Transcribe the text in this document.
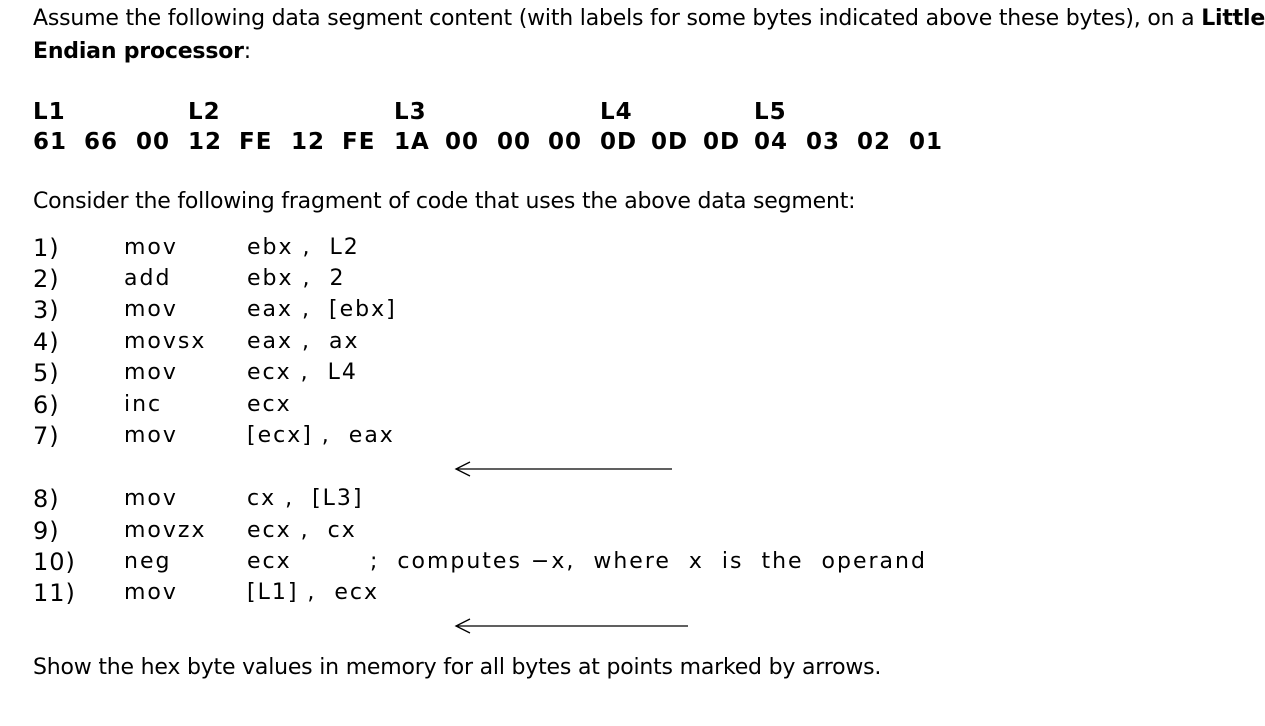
Assume the following data segment content (with labels for some bytes indicated above these bytes), on a Little
Endian processor:
L1	L2	L3	L4	L5
61 66 00 12 FE 12 FE 1A 00 00 00 0D 0D 0D 04 03 02 01
Consider the following fragment of code that uses the above data segment:
1)	mov	ebx ,  L2
2)	add	ebx ,  2
3)	mov	eax ,  [ebx]
4)	movsx eax ,  ax
5)	mov	ecx ,  L4
6)	inc	ecx
7)	mov	[ecx] ,  eax
8)	mov	cx ,  [L3]
9)	movzx ecx ,  cx
10) neg	ecx	;  computes −x,  where  x  is  the  operand
11) mov	[L1] ,  ecx
Show the hex byte values in memory for all bytes at points marked by arrows.
